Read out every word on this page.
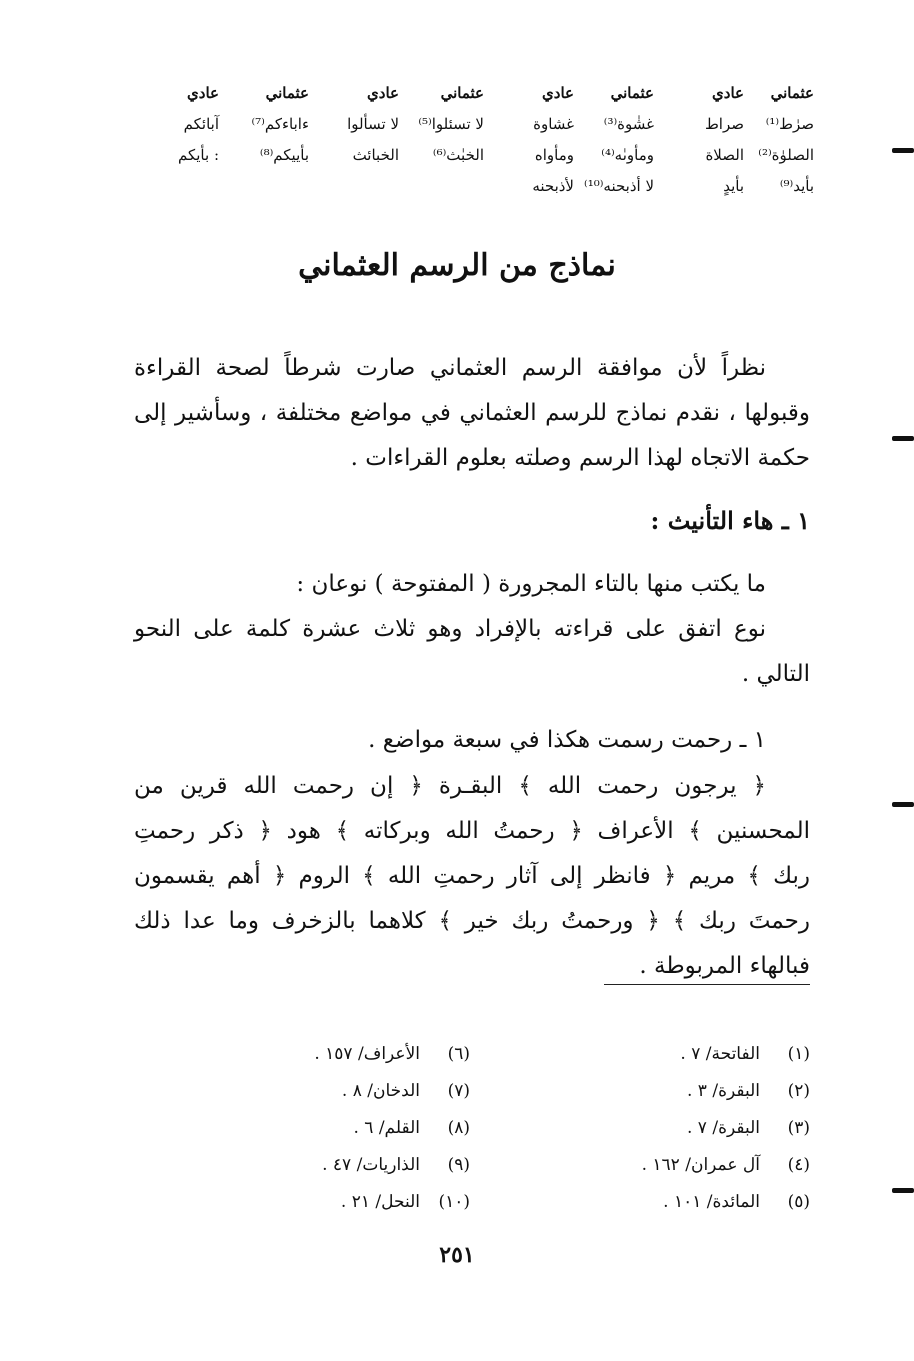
عثماني
عادي
عثماني
عادي
عثماني
عادي
عثماني
عادي
صرٰط⁽¹⁾
صراط
غشٰوة⁽³⁾
غشاوة
لا تسئلوا⁽⁵⁾
لا تسألوا
ءاباءكم⁽⁷⁾
آبائكم
الصلوٰة⁽²⁾
الصلاة
ومأوىٰه⁽⁴⁾
ومأواه
الخبٰث⁽⁶⁾
الخبائث
بأييكم⁽⁸⁾
: بأيكم
بأيد⁽⁹⁾
بأيدٍ
لا أذبحنه⁽¹⁰⁾
لأذبحنه
نماذج من الرسم العثماني
نظراً لأن موافقة الرسم العثماني صارت شرطاً لصحة القراءة
وقبولها ، نقدم نماذج للرسم العثماني في مواضع مختلفة ، وسأشير إلى
حكمة الاتجاه لهذا الرسم وصلته بعلوم القراءات .
١ ـ هاء التأنيث :
ما يكتب منها بالتاء المجرورة ( المفتوحة ) نوعان :
نوع اتفق على قراءته بالإفراد وهو ثلاث عشرة كلمة على النحو
التالي .
١ ـ رحمت رسمت هكذا في سبعة مواضع .
﴿ يرجون رحمت الله ﴾ البقـرة ﴿ إن رحمت الله قرين من
المحسنين ﴾ الأعراف ﴿ رحمتُ الله وبركاته ﴾ هود ﴿ ذكر رحمتِ
ربك ﴾ مريم ﴿ فانظر إلى آثار رحمتِ الله ﴾ الروم ﴿ أهم يقسمون
رحمتَ ربك ﴾ ﴿ ورحمتُ ربك خير ﴾ كلاهما بالزخرف وما عدا ذلك
فبالهاء المربوطة .
(١)الفاتحة/ ٧ .
(٢)البقرة/ ٣ .
(٣)البقرة/ ٧ .
(٤)آل عمران/ ١٦٢ .
(٥)المائدة/ ١٠١ .
(٦)الأعراف/ ١٥٧ .
(٧)الدخان/ ٨ .
(٨)القلم/ ٦ .
(٩)الذاريات/ ٤٧ .
(١٠)النحل/ ٢١ .
٢٥١
